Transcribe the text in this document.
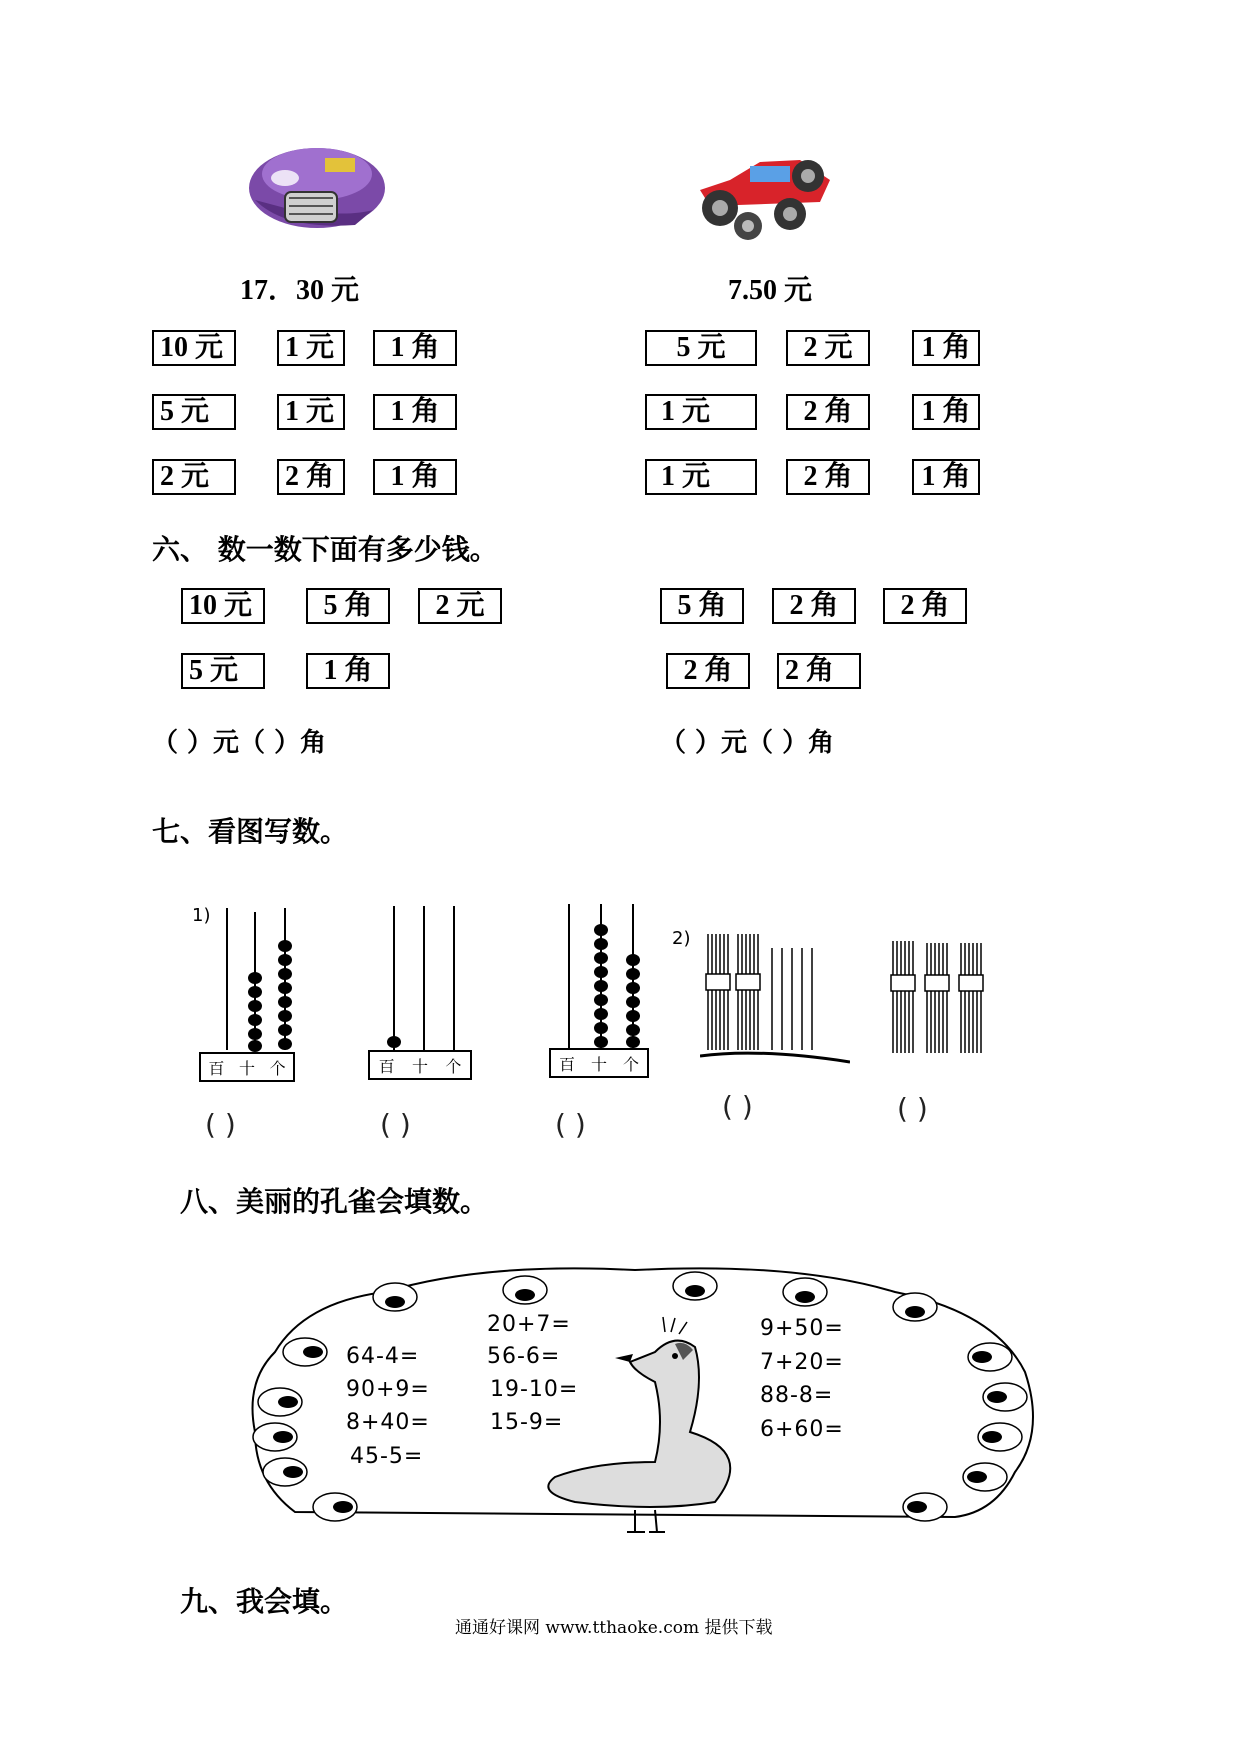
17．30 元	7.50 元
10 元	1 元	1 角
5 元	1 元	1 角
2 元	2 角	1 角
5 元	2 元	1 角
1 元	2 角	1 角
1 元	2 角	1 角
六、 数一数下面有多少钱。
10 元	5 角	2 元
5 元	1 角
5 角	2 角	2 角
2 角	2 角
（ ）元（ ）角	（ ）元（ ）角
七、看图写数。
1)
2)
百 十 个
( )
百 十 个
( )
百 十 个
( )
( )	( )
八、美丽的孔雀会填数。
64-4=
90+9=
8+40=
45-5=
20+7=
56-6=
19-10=
15-9=
9+50=
7+20=
88-8=
6+60=
九、我会填。
通通好课网 www.tthaoke.com 提供下载
